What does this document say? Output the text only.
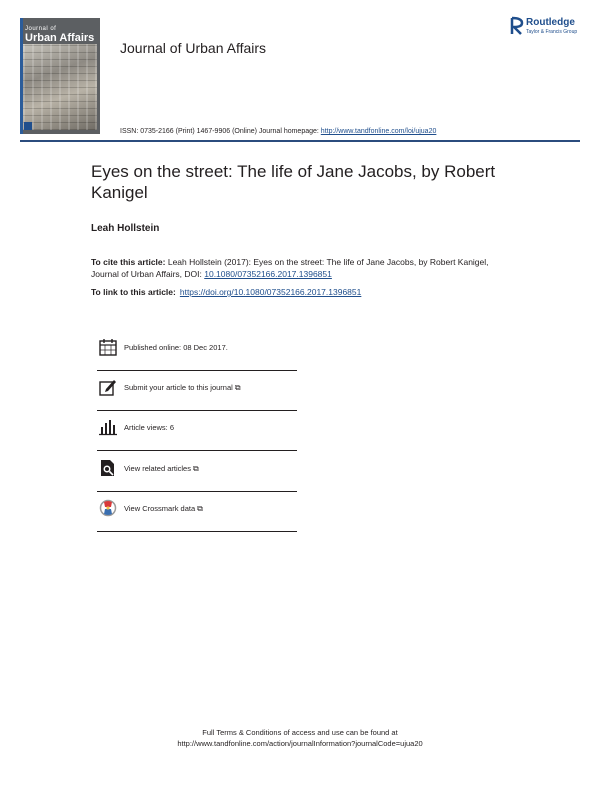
Journal of
Urban Affairs
Journal of Urban Affairs
Routledge
Taylor & Francis Group
ISSN: 0735-2166 (Print) 1467-9906 (Online) Journal homepage: http://www.tandfonline.com/loi/ujua20
Eyes on the street: The life of Jane Jacobs, by Robert Kanigel
Leah Hollstein
To cite this article: Leah Hollstein (2017): Eyes on the street: The life of Jane Jacobs, by Robert Kanigel, Journal of Urban Affairs, DOI: 10.1080/07352166.2017.1396851
To link to this article: https://doi.org/10.1080/07352166.2017.1396851
Published online: 08 Dec 2017.
Submit your article to this journal ⧉
Article views: 6
View related articles ⧉
View Crossmark data ⧉
Full Terms & Conditions of access and use can be found at
http://www.tandfonline.com/action/journalInformation?journalCode=ujua20
